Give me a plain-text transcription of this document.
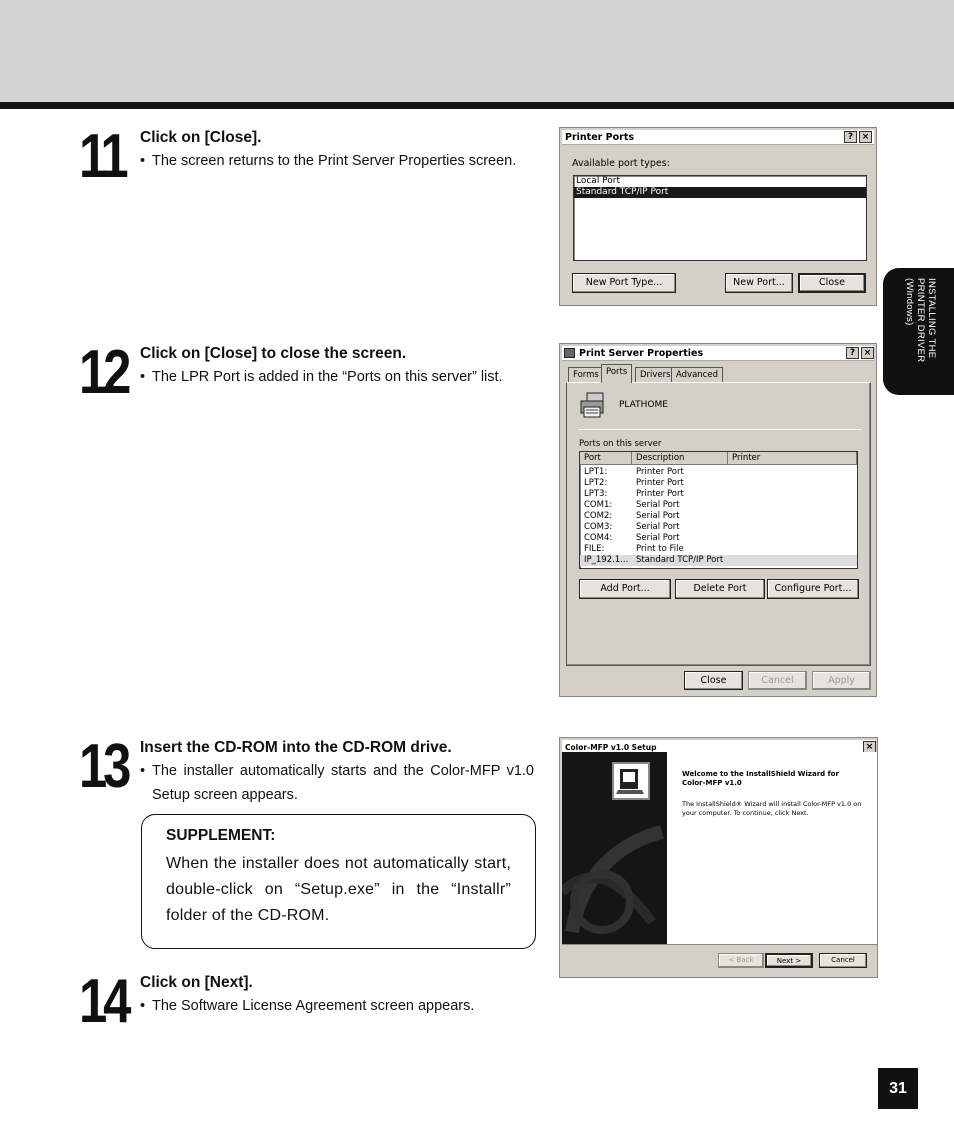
11 Click on [Close].
• The screen returns to the Print Server Properties screen.
12 Click on [Close] to close the screen.
• The LPR Port is added in the “Ports on this server” list.
13 Insert the CD-ROM into the CD-ROM drive.
• The installer automatically starts and the Color-MFP v1.0 Setup screen appears.
SUPPLEMENT:
When the installer does not automatically start, double-click on “Setup.exe” in the “Installr” folder of the CD-ROM.
14 Click on [Next].
• The Software License Agreement screen appears.
INSTALLING THE
PRINTER DRIVER
(Windows)
31
Printer Ports	? ×
Available port types:
Local Port
Standard TCP/IP Port
New Port Type...	New Port...	Close
Print Server Properties	? ×
Forms Ports	Drivers Advanced
PLATHOME
Ports on this server
Port	Description	Printer
LPT1:	Printer Port
LPT2:	Printer Port
LPT3:	Printer Port
COM1:	Serial Port
COM2:	Serial Port
COM3:	Serial Port
COM4:	Serial Port
FILE:	Print to File
IP_192.1... Standard TCP/IP Port
Add Port...	Delete Port	Configure Port...
Close	Cancel	Apply
Color-MFP v1.0 Setup	×
Welcome to the InstallShield Wizard for Color-MFP v1.0
The InstallShield® Wizard will install Color-MFP v1.0 on your computer. To continue, click Next.
< Back	Next >	Cancel
